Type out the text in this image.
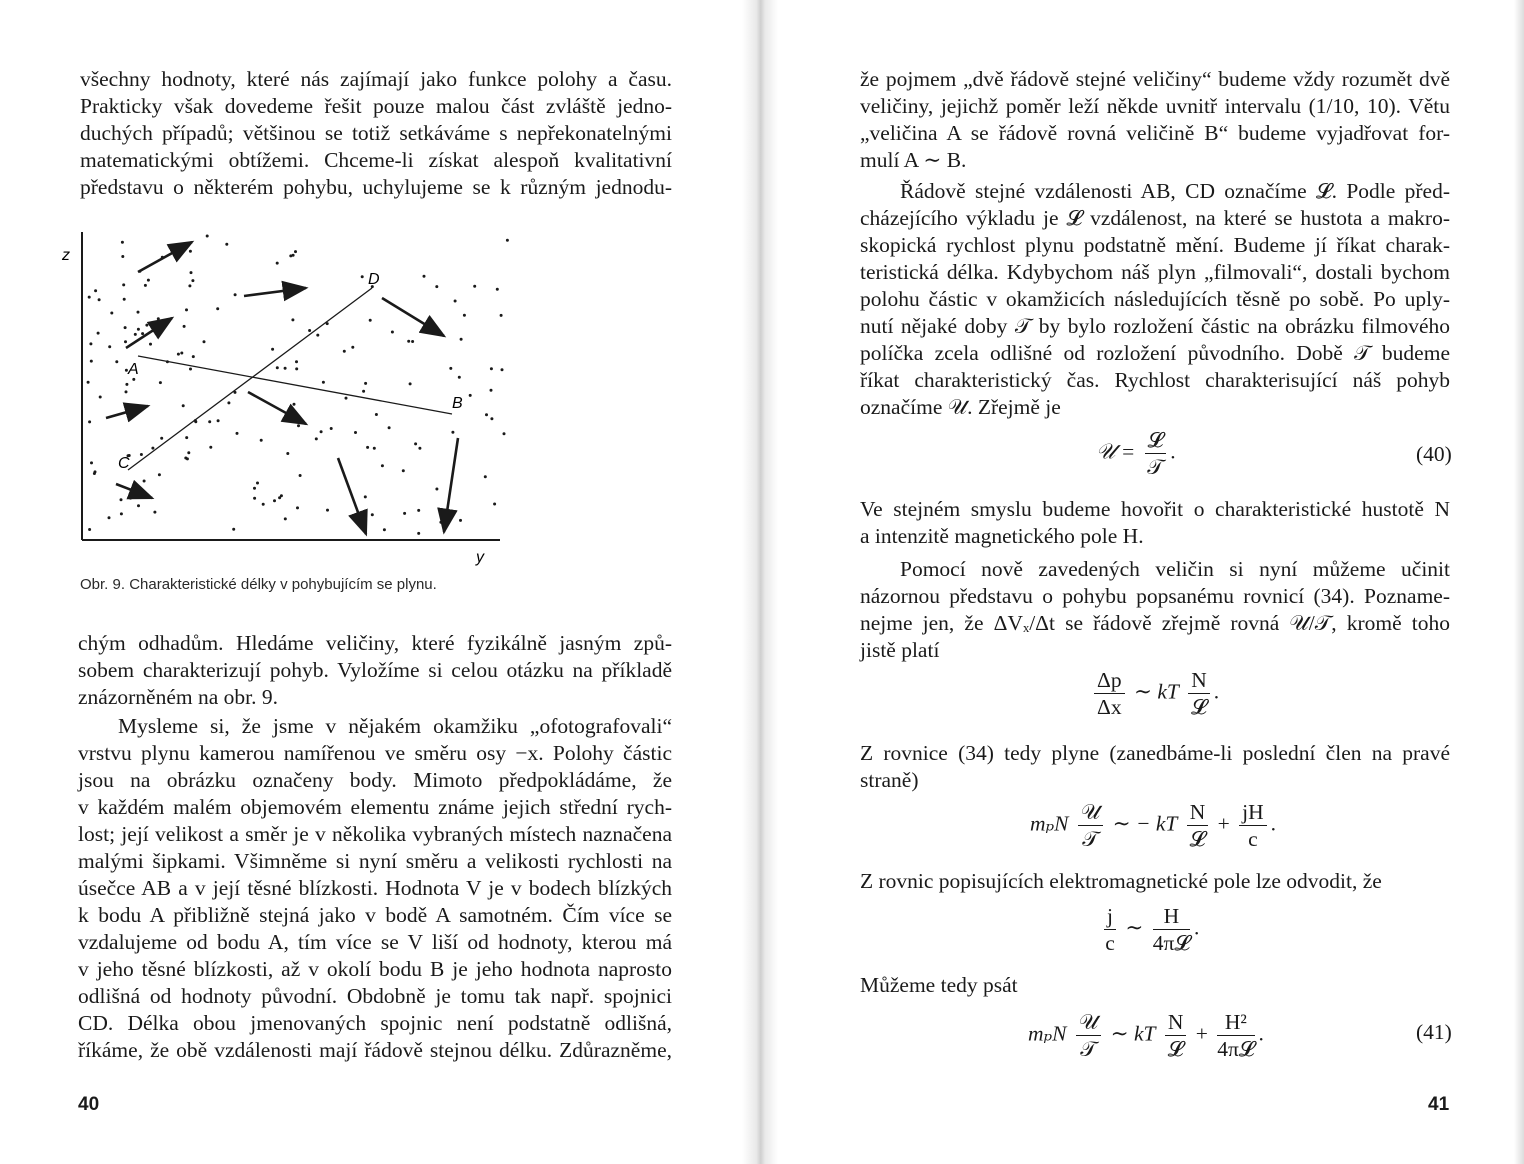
všechny hodnoty, které nás zajímají jako funkce polohy a času.
Prakticky však dovedeme řešit pouze malou část zvláště jedno-
duchých případů; většinou se totiž setkáváme s nepřekonatelnými
matematickými obtížemi. Chceme-li získat alespoň kvalitativní
představu o některém pohybu, uchylujeme se k různým jednodu-
z
y
A
B
C
D
Obr. 9. Charakteristické délky v pohybujícím se plynu.
chým odhadům. Hledáme veličiny, které fyzikálně jasným způ-
sobem charakterizují pohyb. Vyložíme si celou otázku na příkladě
znázorněném na obr. 9.
Mysleme si, že jsme v nějakém okamžiku „ofotografovali“
vrstvu plynu kamerou namířenou ve směru osy −x. Polohy částic
jsou na obrázku označeny body. Mimoto předpokládáme, že
v každém malém objemovém elementu známe jejich střední rych-
lost; její velikost a směr je v několika vybraných místech naznačena
malými šipkami. Všimněme si nyní směru a velikosti rychlosti na
úsečce AB a v její těsné blízkosti. Hodnota V je v bodech blízkých
k bodu A přibližně stejná jako v bodě A samotném. Čím více se
vzdalujeme od bodu A, tím více se V liší od hodnoty, kterou má
v jeho těsné blízkosti, až v okolí bodu B je jeho hodnota naprosto
odlišná od hodnoty původní. Obdobně je tomu tak např. spojnici
CD. Délka obou jmenovaných spojnic není podstatně odlišná,
říkáme, že obě vzdálenosti mají řádově stejnou délku. Zdůrazněme,
40
že pojmem „dvě řádově stejné veličiny“ budeme vždy rozumět dvě
veličiny, jejichž poměr leží někde uvnitř intervalu (1/10, 10). Větu
„veličina A se řádově rovná veličině B“ budeme vyjadřovat for-
mulí A ∼ B.
Řádově stejné vzdálenosti AB, CD označíme 𝓛. Podle před-
cházejícího výkladu je 𝓛 vzdálenost, na které se hustota a makro-
skopická rychlost plynu podstatně mění. Budeme jí říkat charak-
teristická délka. Kdybychom náš plyn „filmovali“, dostali bychom
polohu částic v okamžicích následujících těsně po sobě. Po uply-
nutí nějaké doby 𝒯 by bylo rozložení částic na obrázku filmového
políčka zcela odlišné od rozložení původního. Době 𝒯 budeme
říkat charakteristický čas. Rychlost charakterisující náš pohyb
označíme 𝒰. Zřejmě je
𝒰 = $\frac{\text{𝓛}}{\text{𝒯}}$ .	(40)
Ve stejném smyslu budeme hovořit o charakteristické hustotě N
a intenzitě magnetického pole H.
Pomocí nově zavedených veličin si nyní můžeme učinit
názornou představu o pohybu popsanému rovnicí (34). Pozname-
nejme jen, že ΔVₓ/Δt se řádově zřejmě rovná 𝒰/𝒯, kromě toho
jistě platí
$\frac{\Delta p}{\Delta x}$ ∼ kT $\frac{N}{\text{𝓛}}$ .
Z rovnice (34) tedy plyne (zanedbáme-li poslední člen na pravé
straně)
mₚN $\frac{\text{𝒰}}{\text{𝒯}}$ ∼ − kT $\frac{N}{\text{𝓛}} + \frac{jH}{c}$ .
Z rovnic popisujících elektromagnetické pole lze odvodit, že
$\frac{j}{c}$ ∼ $\frac{H}{\text{4π𝓛}}$ .
Můžeme tedy psát
mₚN $\frac{\text{𝒰}}{\text{𝒯}}$ ∼ kT $\frac{N}{\text{𝓛}} + \frac{\text{H²}}{\text{4π𝓛}}$ .	(41)
41
